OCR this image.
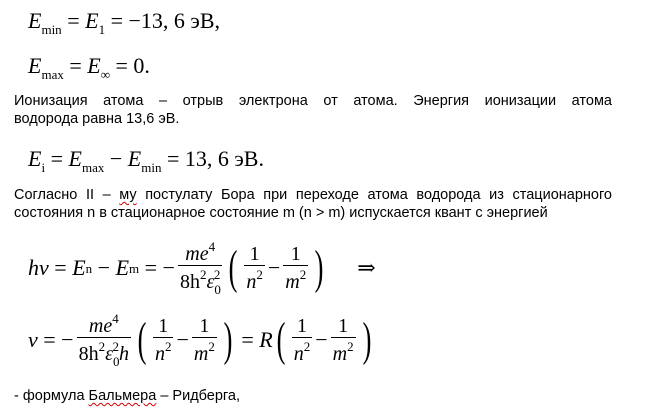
$E_{min} = E_1 = -13$, 6 эВ,
$E_{max} = E_\infty = 0$.
Ионизация атома – отрыв электрона от атома. Энергия ионизации атома
водорода равна 13,6 эВ.
$E_i = E_{max} - E_{min} = 13$, 6 эВ.
Согласно II – му постулату Бора при переходе атома водорода из стационарного
состояния n в стационарное состояние m (n > m) испускается квант с энергией
hν = E n − E m = − $\frac{me^4}{8h^2\varepsilon_0^2}$ ( $\frac{1}{n^2} - \frac{1}{m^2}$ ) ⇒
ν = − $\frac{me^4}{8h^2\varepsilon_0^2h}$ ( $\frac{1}{n^2} - \frac{1}{m^2}$ ) = R ( $\frac{1}{n^2} - \frac{1}{m^2}$ )
- формула Бальмера – Ридберга,
